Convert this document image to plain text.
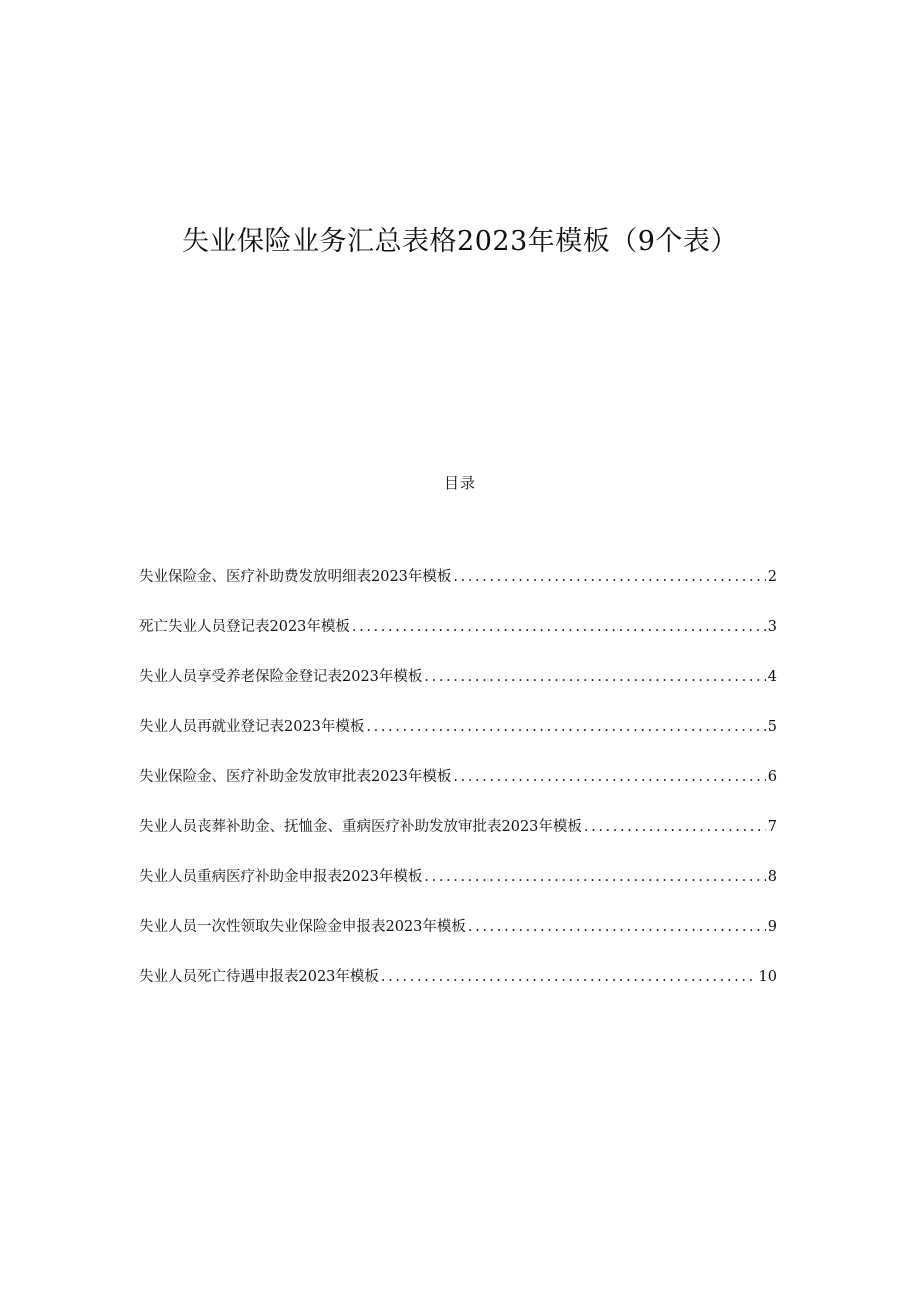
失业保险业务汇总表格2023年模板（9个表）
目录
失业保险金、医疗补助费发放明细表2023年模板 .....	2
死亡失业人员登记表2023年模板 .....	3
失业人员享受养老保险金登记表2023年模板 .....	4
失业人员再就业登记表2023年模板 .....	5
失业保险金、医疗补助金发放审批表2023年模板 .....	6
失业人员丧葬补助金、抚恤金、重病医疗补助发放审批表2023年模板 .....	7
失业人员重病医疗补助金申报表2023年模板 .....	8
失业人员一次性领取失业保险金申报表2023年模板 .....	9
失业人员死亡待遇申报表2023年模板 .....	10
